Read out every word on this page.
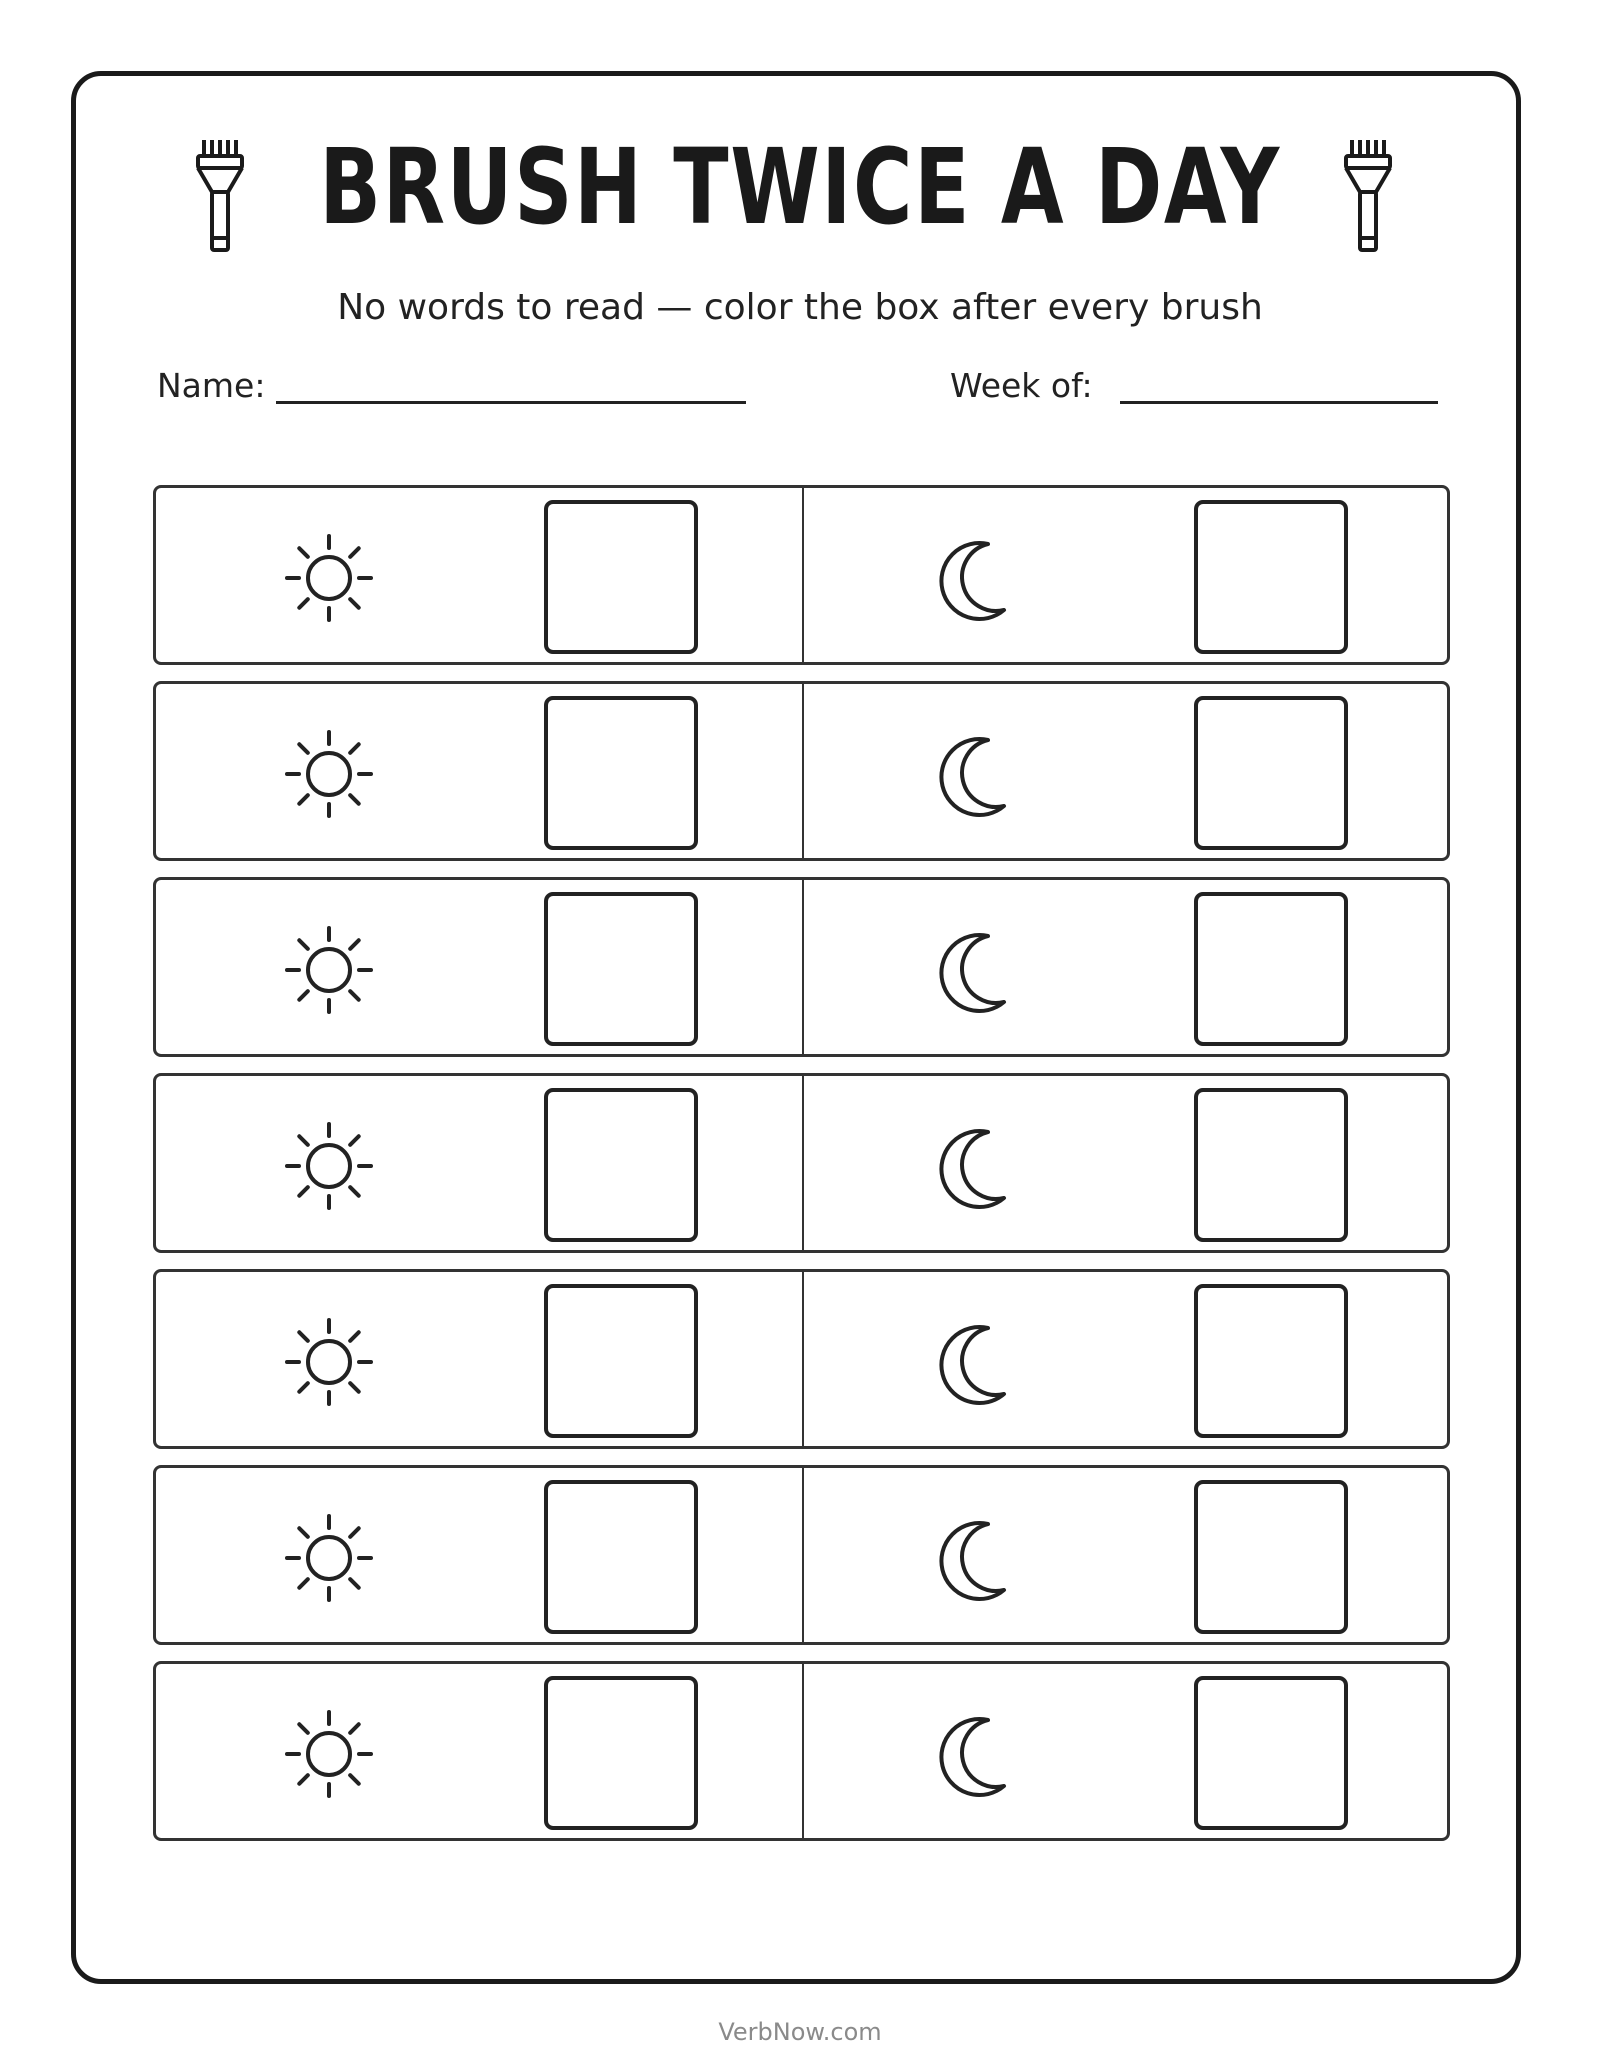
BRUSH TWICE A DAY
No words to read — color the box after every brush
Name:	Week of:
VerbNow.com
